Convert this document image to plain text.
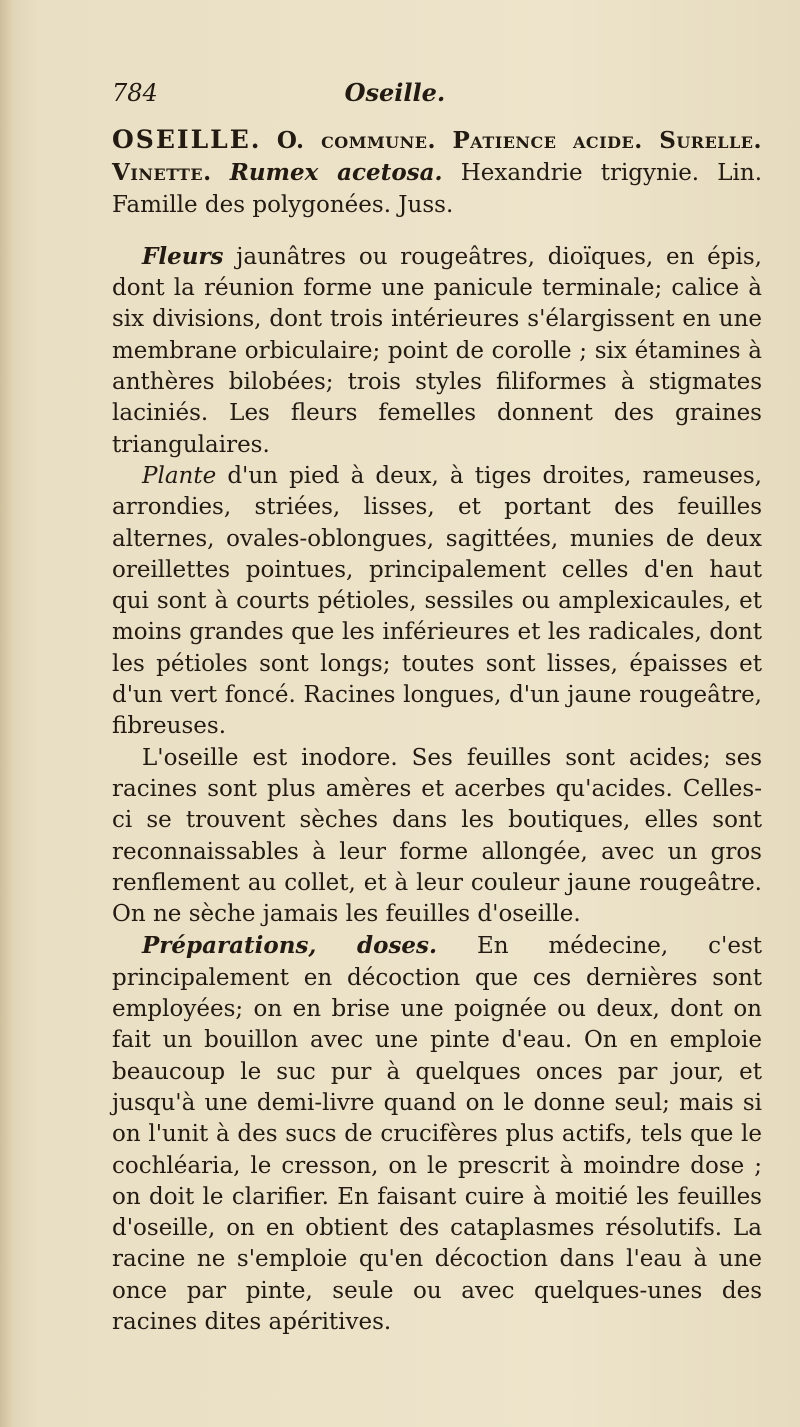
784	Oseille.

OSEILLE. O. commune. Patience acide. Surelle. Vinette. Rumex acetosa. Hexandrie trigynie. Lin. Famille des polygonées. Juss.

Fleurs jaunâtres ou rougeâtres, dioïques, en épis, dont la réunion forme une panicule terminale; calice à six divisions, dont trois intérieures s'élargissent en une membrane orbiculaire; point de corolle ; six étamines à anthères bilobées; trois styles filiformes à stigmates laciniés. Les fleurs femelles donnent des graines triangulaires.

Plante d'un pied à deux, à tiges droites, rameuses, arrondies, striées, lisses, et portant des feuilles alternes, ovales-oblongues, sagittées, munies de deux oreillettes pointues, principalement celles d'en haut qui sont à courts pétioles, sessiles ou amplexicaules, et moins grandes que les inférieures et les radicales, dont les pétioles sont longs; toutes sont lisses, épaisses et d'un vert foncé. Racines longues, d'un jaune rougeâtre, fibreuses.

L'oseille est inodore. Ses feuilles sont acides; ses racines sont plus amères et acerbes qu'acides. Celles-ci se trouvent sèches dans les boutiques, elles sont reconnaissables à leur forme allongée, avec un gros renflement au collet, et à leur couleur jaune rougeâtre. On ne sèche jamais les feuilles d'oseille.

Préparations, doses. En médecine, c'est principalement en décoction que ces dernières sont employées; on en brise une poignée ou deux, dont on fait un bouillon avec une pinte d'eau. On en emploie beaucoup le suc pur à quelques onces par jour, et jusqu'à une demi-livre quand on le donne seul; mais si on l'unit à des sucs de crucifères plus actifs, tels que le cochléaria, le cresson, on le prescrit à moindre dose ; on doit le clarifier. En faisant cuire à moitié les feuilles d'oseille, on en obtient des cataplasmes résolutifs. La racine ne s'emploie qu'en décoction dans l'eau à une once par pinte, seule ou avec quelques-unes des racines dites apéritives.
